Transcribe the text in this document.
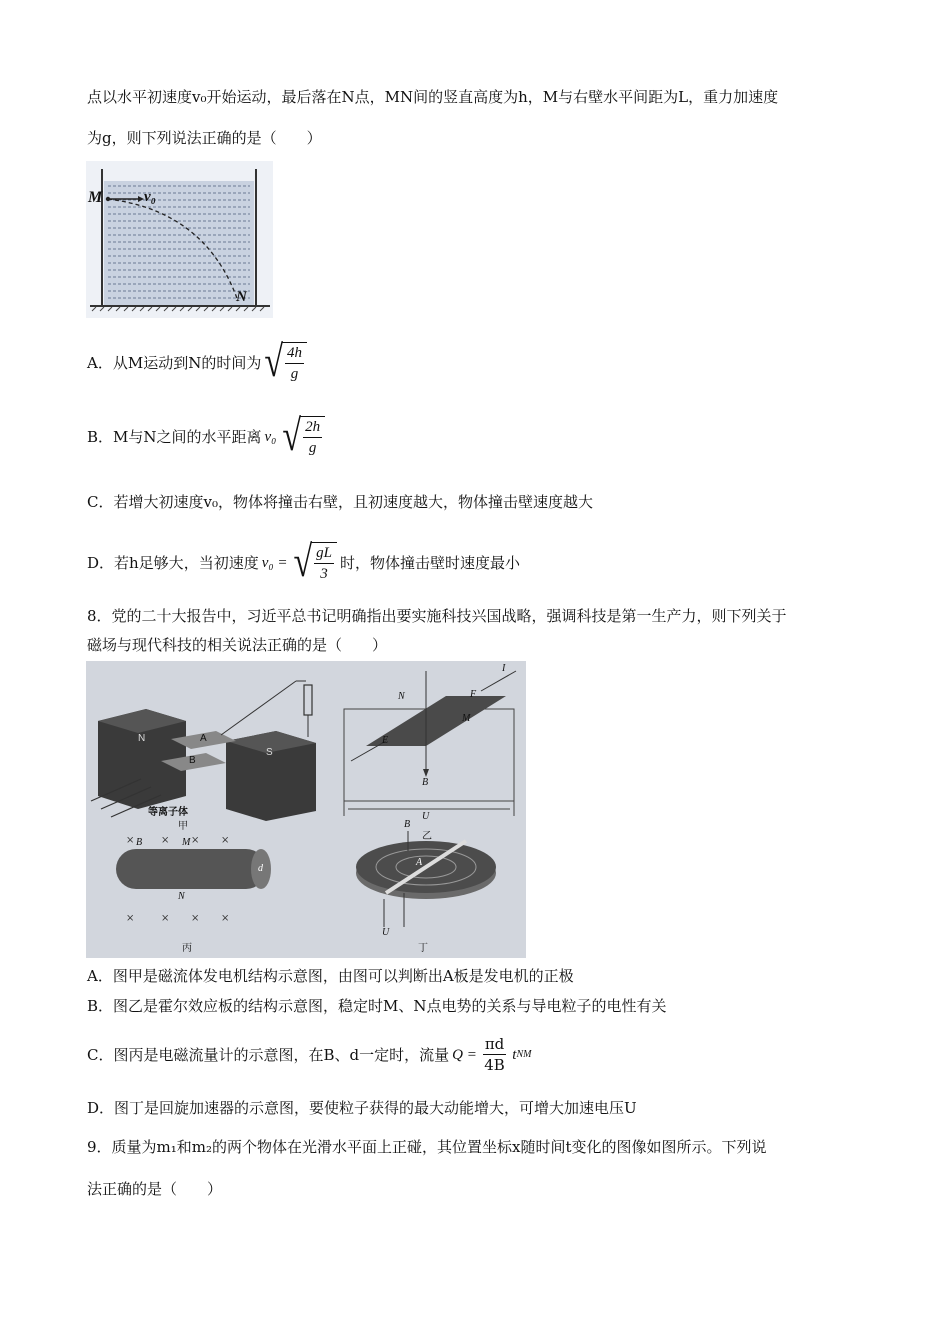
点以水平初速度v₀开始运动，最后落在N点，MN间的竖直高度为h，M与右壁水平间距为L，重力加速度
为g，则下列说法正确的是（　　）
M	v₀
N
A．从M运动到N的时间为 √ $\frac{4h}{g}$
B．M与N之间的水平距离 v₀ √ $\frac{2h}{g}$
C．若增大初速度v₀，物体将撞击右壁，且初速度越大，物体撞击壁速度越大
D．若h足够大，当初速度 v₀ = √ $\frac{gL}{3}$ 时，物体撞击壁时速度最小
8．党的二十大报告中，习近平总书记明确指出要实施科技兴国战略，强调科技是第一生产力，则下列关于
磁场与现代科技的相关说法正确的是（　　）
×	× × ×
×	× × ×
N
S
A
B
等离子体
甲
N	F
I
M
E
B
U
乙
B	M
N
d
丙
B
A
U
丁
A．图甲是磁流体发电机结构示意图，由图可以判断出A板是发电机的正极
B．图乙是霍尔效应板的结构示意图，稳定时M、N点电势的关系与导电粒子的电性有关
C．图丙是电磁流量计的示意图，在B、d一定时，流量 $Q = \frac{\pi d}{4B}$ t NM
D．图丁是回旋加速器的示意图，要使粒子获得的最大动能增大，可增大加速电压U
9．质量为m₁和m₂的两个物体在光滑水平面上正碰，其位置坐标x随时间t变化的图像如图所示。下列说
法正确的是（　　）
